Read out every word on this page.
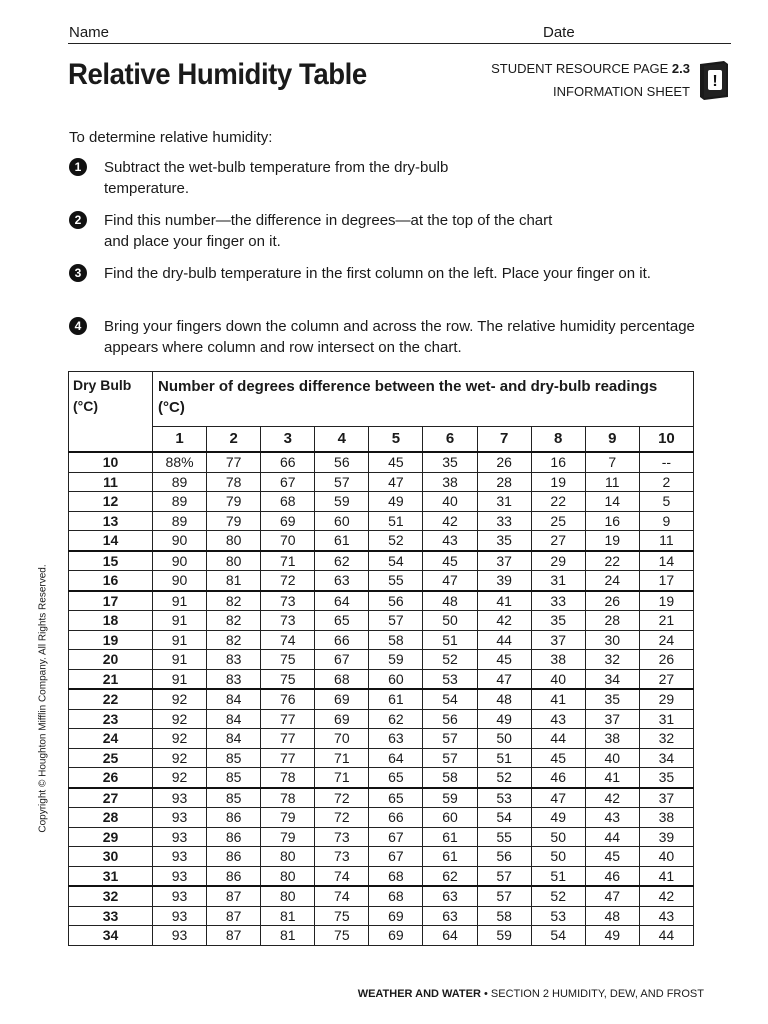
Name	Date
Relative Humidity Table	STUDENT RESOURCE PAGE 2.3
INFORMATION SHEET
!
To determine relative humidity:
1	Subtract the wet-bulb temperature from the dry-bulb temperature.
2	Find this number—the difference in degrees—at the top of the chart and place your finger on it.
3	Find the dry-bulb temperature in the first column on the left. Place your finger on it.
4	Bring your fingers down the column and across the row. The relative humidity percentage appears where column and row intersect on the chart.
Dry Bulb (°C)	Number of degrees difference between the wet- and dry-bulb readings (°C)									
	1	2	3	4	5	6	7	8	9	10
10	88%	77	66	56	45	35	26	16	7	--
11	89	78	67	57	47	38	28	19	11	2
12	89	79	68	59	49	40	31	22	14	5
13	89	79	69	60	51	42	33	25	16	9
14	90	80	70	61	52	43	35	27	19	11
15	90	80	71	62	54	45	37	29	22	14
16	90	81	72	63	55	47	39	31	24	17
17	91	82	73	64	56	48	41	33	26	19
18	91	82	73	65	57	50	42	35	28	21
19	91	82	74	66	58	51	44	37	30	24
20	91	83	75	67	59	52	45	38	32	26
21	91	83	75	68	60	53	47	40	34	27
22	92	84	76	69	61	54	48	41	35	29
23	92	84	77	69	62	56	49	43	37	31
24	92	84	77	70	63	57	50	44	38	32
25	92	85	77	71	64	57	51	45	40	34
26	92	85	78	71	65	58	52	46	41	35
27	93	85	78	72	65	59	53	47	42	37
28	93	86	79	72	66	60	54	49	43	38
29	93	86	79	73	67	61	55	50	44	39
30	93	86	80	73	67	61	56	50	45	40
31	93	86	80	74	68	62	57	51	46	41
32	93	87	80	74	68	63	57	52	47	42
33	93	87	81	75	69	63	58	53	48	43
34	93	87	81	75	69	64	59	54	49	44
Copyright © Houghton Mifflin Company. All Rights Reserved.
WEATHER AND WATER • SECTION 2 HUMIDITY, DEW, AND FROST
